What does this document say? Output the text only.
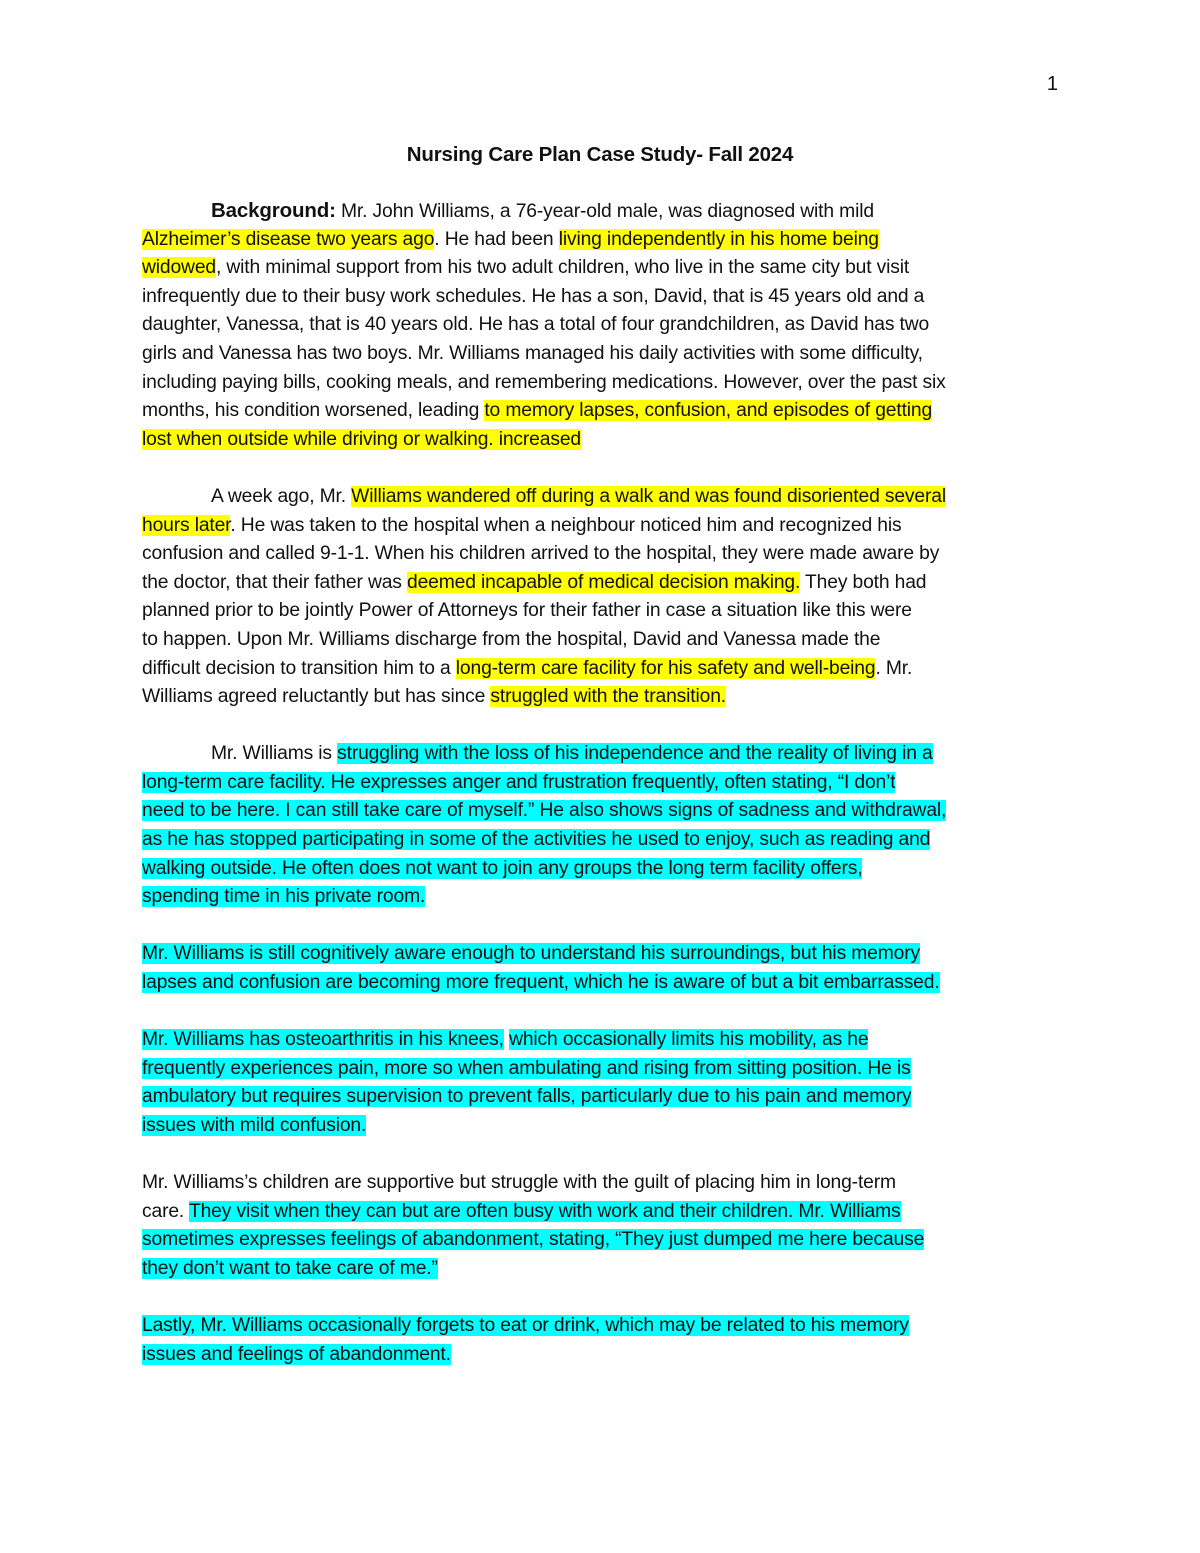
1
Nursing Care Plan Case Study- Fall 2024
Background: Mr. John Williams, a 76-year-old male, was diagnosed with mild
Alzheimer’s disease two years ago. He had been living independently in his home being
widowed, with minimal support from his two adult children, who live in the same city but visit
infrequently due to their busy work schedules. He has a son, David, that is 45 years old and a
daughter, Vanessa, that is 40 years old. He has a total of four grandchildren, as David has two
girls and Vanessa has two boys. Mr. Williams managed his daily activities with some difficulty,
including paying bills, cooking meals, and remembering medications. However, over the past six
months, his condition worsened, leading to memory lapses, confusion, and episodes of getting
lost when outside while driving or walking. increased
A week ago, Mr. Williams wandered off during a walk and was found disoriented several
hours later. He was taken to the hospital when a neighbour noticed him and recognized his
confusion and called 9-1-1. When his children arrived to the hospital, they were made aware by
the doctor, that their father was deemed incapable of medical decision making. They both had
planned prior to be jointly Power of Attorneys for their father in case a situation like this were
to happen. Upon Mr. Williams discharge from the hospital, David and Vanessa made the
difficult decision to transition him to a long-term care facility for his safety and well-being. Mr.
Williams agreed reluctantly but has since struggled with the transition.
Mr. Williams is struggling with the loss of his independence and the reality of living in a
long-term care facility. He expresses anger and frustration frequently, often stating, “I don’t
need to be here. I can still take care of myself.” He also shows signs of sadness and withdrawal,
as he has stopped participating in some of the activities he used to enjoy, such as reading and
walking outside. He often does not want to join any groups the long term facility offers,
spending time in his private room.
Mr. Williams is still cognitively aware enough to understand his surroundings, but his memory
lapses and confusion are becoming more frequent, which he is aware of but a bit embarrassed.
Mr. Williams has osteoarthritis in his knees, which occasionally limits his mobility, as he
frequently experiences pain, more so when ambulating and rising from sitting position. He is
ambulatory but requires supervision to prevent falls, particularly due to his pain and memory
issues with mild confusion.
Mr. Williams’s children are supportive but struggle with the guilt of placing him in long-term
care. They visit when they can but are often busy with work and their children. Mr. Williams
sometimes expresses feelings of abandonment, stating, “They just dumped me here because
they don’t want to take care of me.”
Lastly, Mr. Williams occasionally forgets to eat or drink, which may be related to his memory
issues and feelings of abandonment.
